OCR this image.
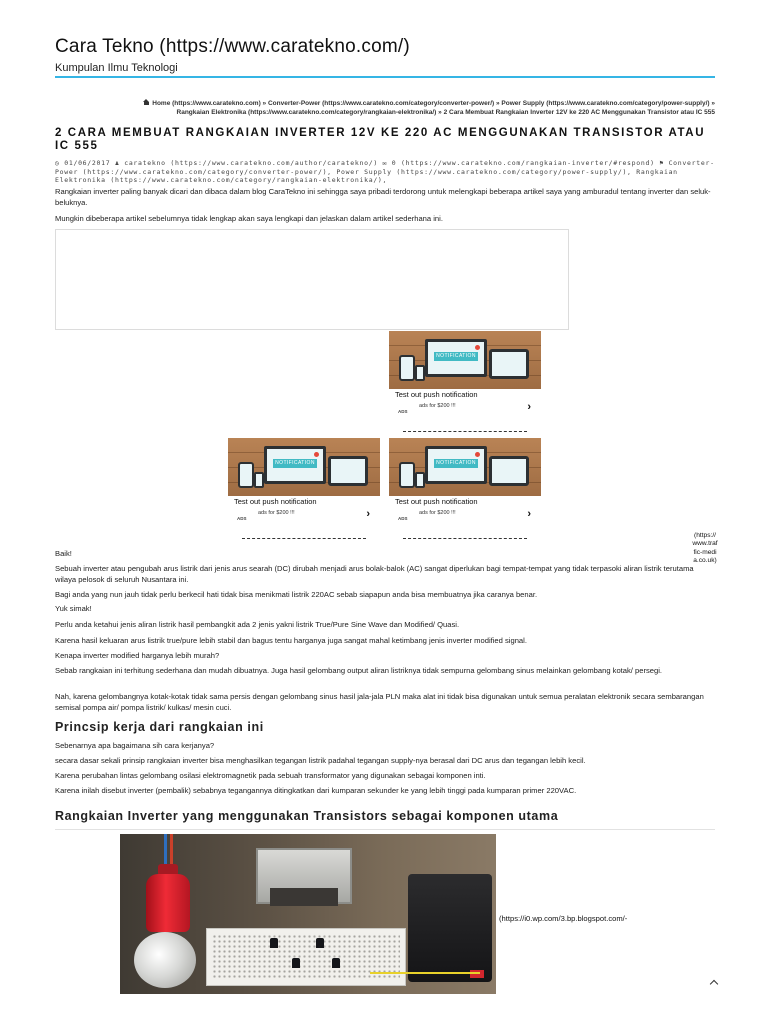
Cara Tekno (https://www.caratekno.com/)
Kumpulan Ilmu Teknologi
Home (https://www.caratekno.com) » Converter-Power (https://www.caratekno.com/category/converter-power/) » Power Supply (https://www.caratekno.com/category/power-supply/) »
Rangkaian Elektronika (https://www.caratekno.com/category/rangkaian-elektronika/) » 2 Cara Membuat Rangkaian Inverter 12V ke 220 AC Menggunakan Transistor atau IC 555
2 CARA MEMBUAT RANGKAIAN INVERTER 12V KE 220 AC MENGGUNAKAN TRANSISTOR ATAU IC 555
◷ 01/06/2017 ♟ caratekno (https://www.caratekno.com/author/caratekno/) ✉ 0 (https://www.caratekno.com/rangkaian-inverter/#respond) ⚑ Converter-Power (https://www.caratekno.com/category/converter-power/), Power Supply (https://www.caratekno.com/category/power-supply/), Rangkaian Elektronika (https://www.caratekno.com/category/rangkaian-elektronika/),

Rangkaian inverter paling banyak dicari dan dibaca dalam blog CaraTekno ini sehingga saya pribadi terdorong untuk melengkapi beberapa artikel saya yang amburadul tentang inverter dan seluk-beluknya.

Mungkin dibeberapa artikel sebelumnya tidak lengkap akan saya lengkapi dan jelaskan dalam artikel sederhana ini.

NOTIFICATION
Test out push notification
ads for $200 !!!
ADS	›
NOTIFICATION
Test out push notification
ads for $200 !!!
ADS	›
NOTIFICATION
Test out push notification
ads for $200 !!!
ADS	›
(https://www.traffic-media.co.uk)

Baik!

Sebuah inverter atau pengubah arus listrik dari jenis arus searah (DC) dirubah menjadi arus bolak-balok (AC) sangat diperlukan bagi tempat-tempat yang tidak terpasoki aliran listrik terutama wilaya pelosok di seluruh Nusantara ini.

Bagi anda yang nun jauh tidak perlu berkecil hati tidak bisa menikmati listrik 220AC sebab siapapun anda bisa membuatnya jika caranya benar.

Yuk simak!

Perlu anda ketahui jenis aliran listrik hasil pembangkit ada 2 jenis yakni listrik True/Pure Sine Wave dan Modified/ Quasi.

Karena hasil keluaran arus listrik true/pure lebih stabil dan bagus tentu harganya juga sangat mahal ketimbang jenis inverter modified signal.

Kenapa inverter modified harganya lebih murah?

Sebab rangkaian ini terhitung sederhana dan mudah dibuatnya. Juga hasil gelombang output aliran listriknya tidak sempurna gelombang sinus melainkan gelombang kotak/ persegi.

Nah, karena gelombangnya kotak-kotak tidak sama persis dengan gelombang sinus hasil jala-jala PLN maka alat ini tidak bisa digunakan untuk semua peralatan elektronik secara sembarangan semisal pompa air/ pompa listrik/ kulkas/ mesin cuci.

Princsip kerja dari rangkaian ini

Sebenarnya apa bagaimana sih cara kerjanya?

secara dasar sekali prinsip rangkaian inverter bisa menghasilkan tegangan listrik padahal tegangan supply-nya berasal dari DC arus dan tegangan lebih kecil.

Karena perubahan lintas gelombang osilasi elektromagnetik pada sebuah transformator yang digunakan sebagai komponen inti.

Karena inilah disebut inverter (pembalik) sebabnya tegangannya ditingkatkan dari kumparan sekunder ke yang lebih tinggi pada kumparan primer 220VAC.

Rangkaian Inverter yang menggunakan Transistors sebagai komponen utama
(https://i0.wp.com/3.bp.blogspot.com/-
